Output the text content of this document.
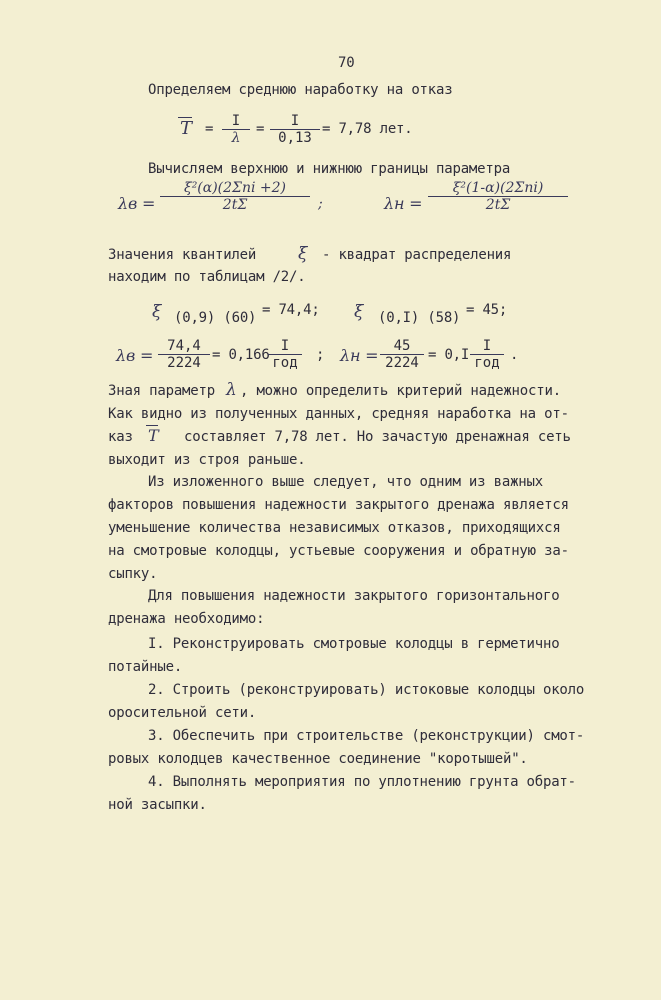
70
Определяем среднюю наработку на отказ
$T = \frac{I}{\lambda} = \frac{I}{0,13} = 7,78$ лет.
Вычисляем верхнюю и нижнюю границы параметра
λв =
ξ²(α)(2Σni +2)
2tΣ	;	λн =
ξ²(1-α)(2Σni)
2tΣ
Значения квантилей ξ - квадрат распределения
находим по таблицам /2/.
ξ (0,9) (60) = 74,4; ξ (0,I) (58) = 45;
$\lambda в = \frac{74,4}{2224} = 0,166$
I
год	; $\lambda н = \frac{45}{2224} = 0,I$
I
год .
Зная параметр λ , можно определить критерий надежности.
Как видно из полученных данных, средняя наработка на от-
каз T составляет 7,78 лет. Но зачастую дренажная сеть
выходит из строя раньше.
Из изложенного выше следует, что одним из важных
факторов повышения надежности закрытого дренажа является
уменьшение количества независимых отказов, приходящихся
на смотровые колодцы, устьевые сооружения и обратную за-
сыпку.
Для повышения надежности закрытого горизонтального
дренажа необходимо:
I. Реконструировать смотровые колодцы в герметично
потайные.
2. Строить (реконструировать) истоковые колодцы около
оросительной сети.
3. Обеспечить при строительстве (реконструкции) смот-
ровых колодцев качественное соединение "коротышей".
4. Выполнять мероприятия по уплотнению грунта обрат-
ной засыпки.
